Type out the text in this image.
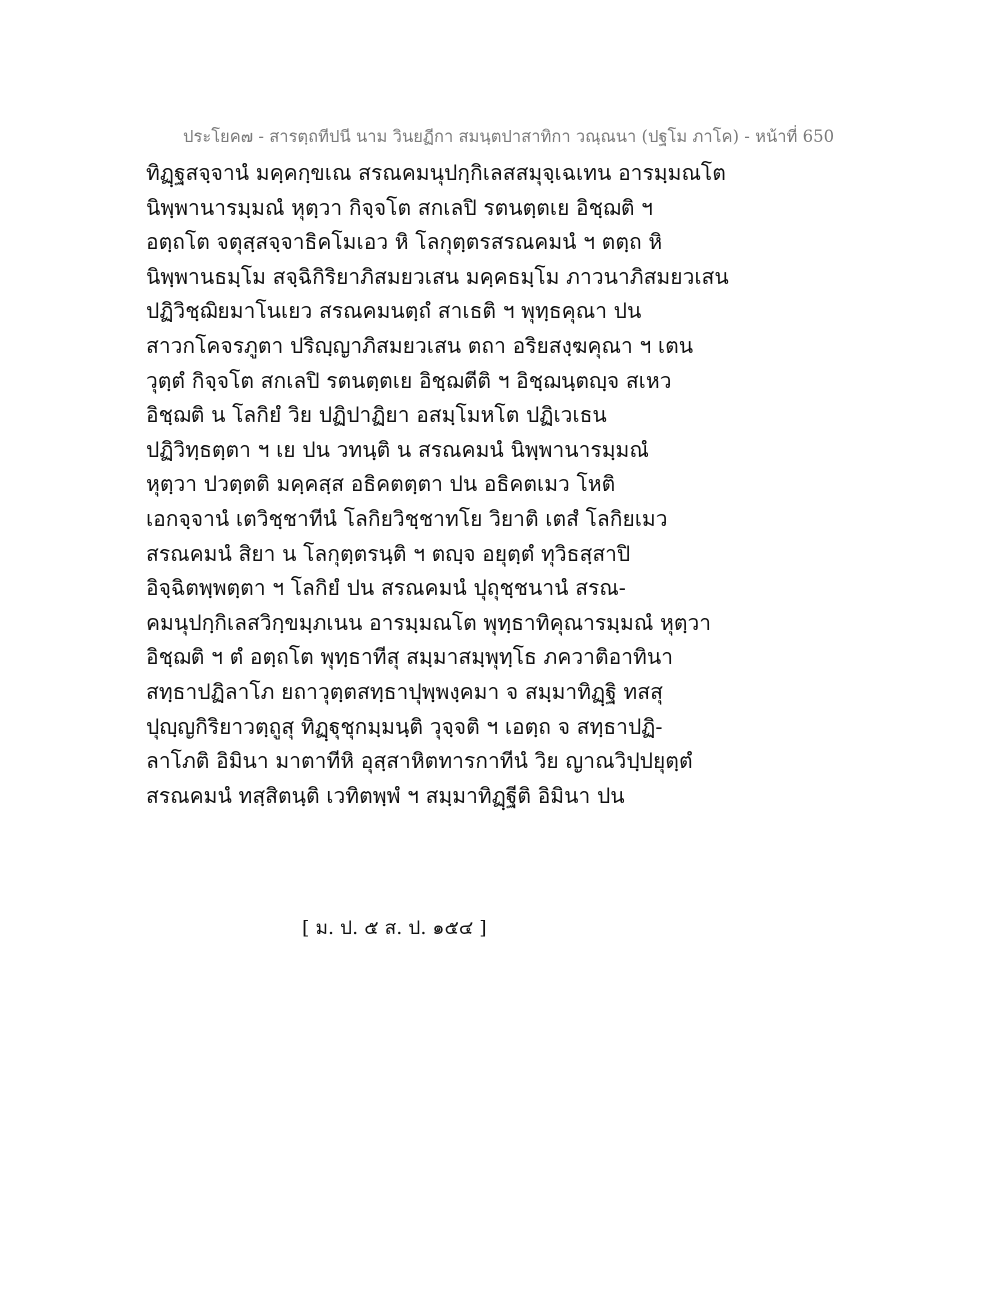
ประโยค๗ - สารตฺถทีปนี นาม วินยฏีกา สมนฺตปาสาทิกา วณฺณนา (ปฐโม ภาโค) - หน้าที่ 650
ทิฏฺฐสจฺจานํ มคฺคกฺขเณ สรณคมนุปกฺกิเลสสมุจฺเฉเทน อารมฺมณโต
นิพฺพานารมฺมณํ หุตฺวา กิจฺจโต สกเลปิ รตนตฺตเย อิชฺฌติ ฯ
อตฺถโต จตุสฺสจฺจาธิคโมเอว หิ โลกุตฺตรสรณคมนํ ฯ ตตฺถ หิ
นิพฺพานธมฺโม สจฺฉิกิริยาภิสมยวเสน มคฺคธมฺโม ภาวนาภิสมยวเสน
ปฏิวิชฺฌิยมาโนเยว สรณคมนตฺถํ สาเธติ ฯ พุทฺธคุณา ปน
สาวกโคจรภูตา ปริญฺญาภิสมยวเสน ตถา อริยสงฺฆคุณา ฯ เตน
วุตฺตํ กิจฺจโต สกเลปิ รตนตฺตเย อิชฺฌตีติ ฯ อิชฺฌนฺตญฺจ สเหว
อิชฺฌติ น โลกิยํ วิย ปฏิปาฏิยา อสมฺโมหโต ปฏิเวเธน
ปฏิวิทฺธตฺตา ฯ เย ปน วทนฺติ น สรณคมนํ นิพฺพานารมฺมณํ
หุตฺวา ปวตฺตติ มคฺคสฺส อธิคตตฺตา ปน อธิคตเมว โหติ
เอกจฺจานํ เตวิชฺชาทีนํ โลกิยวิชฺชาทโย วิยาติ เตสํ โลกิยเมว
สรณคมนํ สิยา น โลกุตฺตรนฺติ ฯ ตญฺจ อยุตฺตํ ทุวิธสฺสาปิ
อิจฺฉิตพฺพตฺตา ฯ โลกิยํ ปน สรณคมนํ ปุถุชฺชนานํ สรณ-
คมนุปกฺกิเลสวิกฺขมฺภเนน อารมฺมณโต พุทฺธาทิคุณารมฺมณํ หุตฺวา
อิชฺฌติ ฯ ตํ อตฺถโต พุทฺธาทีสุ สมฺมาสมฺพุทฺโธ ภควาติอาทินา
สทฺธาปฏิลาโภ ยถาวุตฺตสทฺธาปุพฺพงฺคมา จ สมฺมาทิฏฺฐิ ทสสุ
ปุญฺญกิริยาวตฺถูสุ ทิฏฺฐุชุกมฺมนฺติ วุจฺจติ ฯ เอตฺถ จ สทฺธาปฏิ-
ลาโภติ อิมินา มาตาทีหิ อุสฺสาหิตทารกาทีนํ วิย ญาณวิปฺปยุตฺตํ
สรณคมนํ ทสฺสิตนฺติ เวทิตพฺพํ ฯ สมฺมาทิฏฺฐีติ อิมินา ปน
[ ม. ป. ๕ ส. ป. ๑๕๔ ]
